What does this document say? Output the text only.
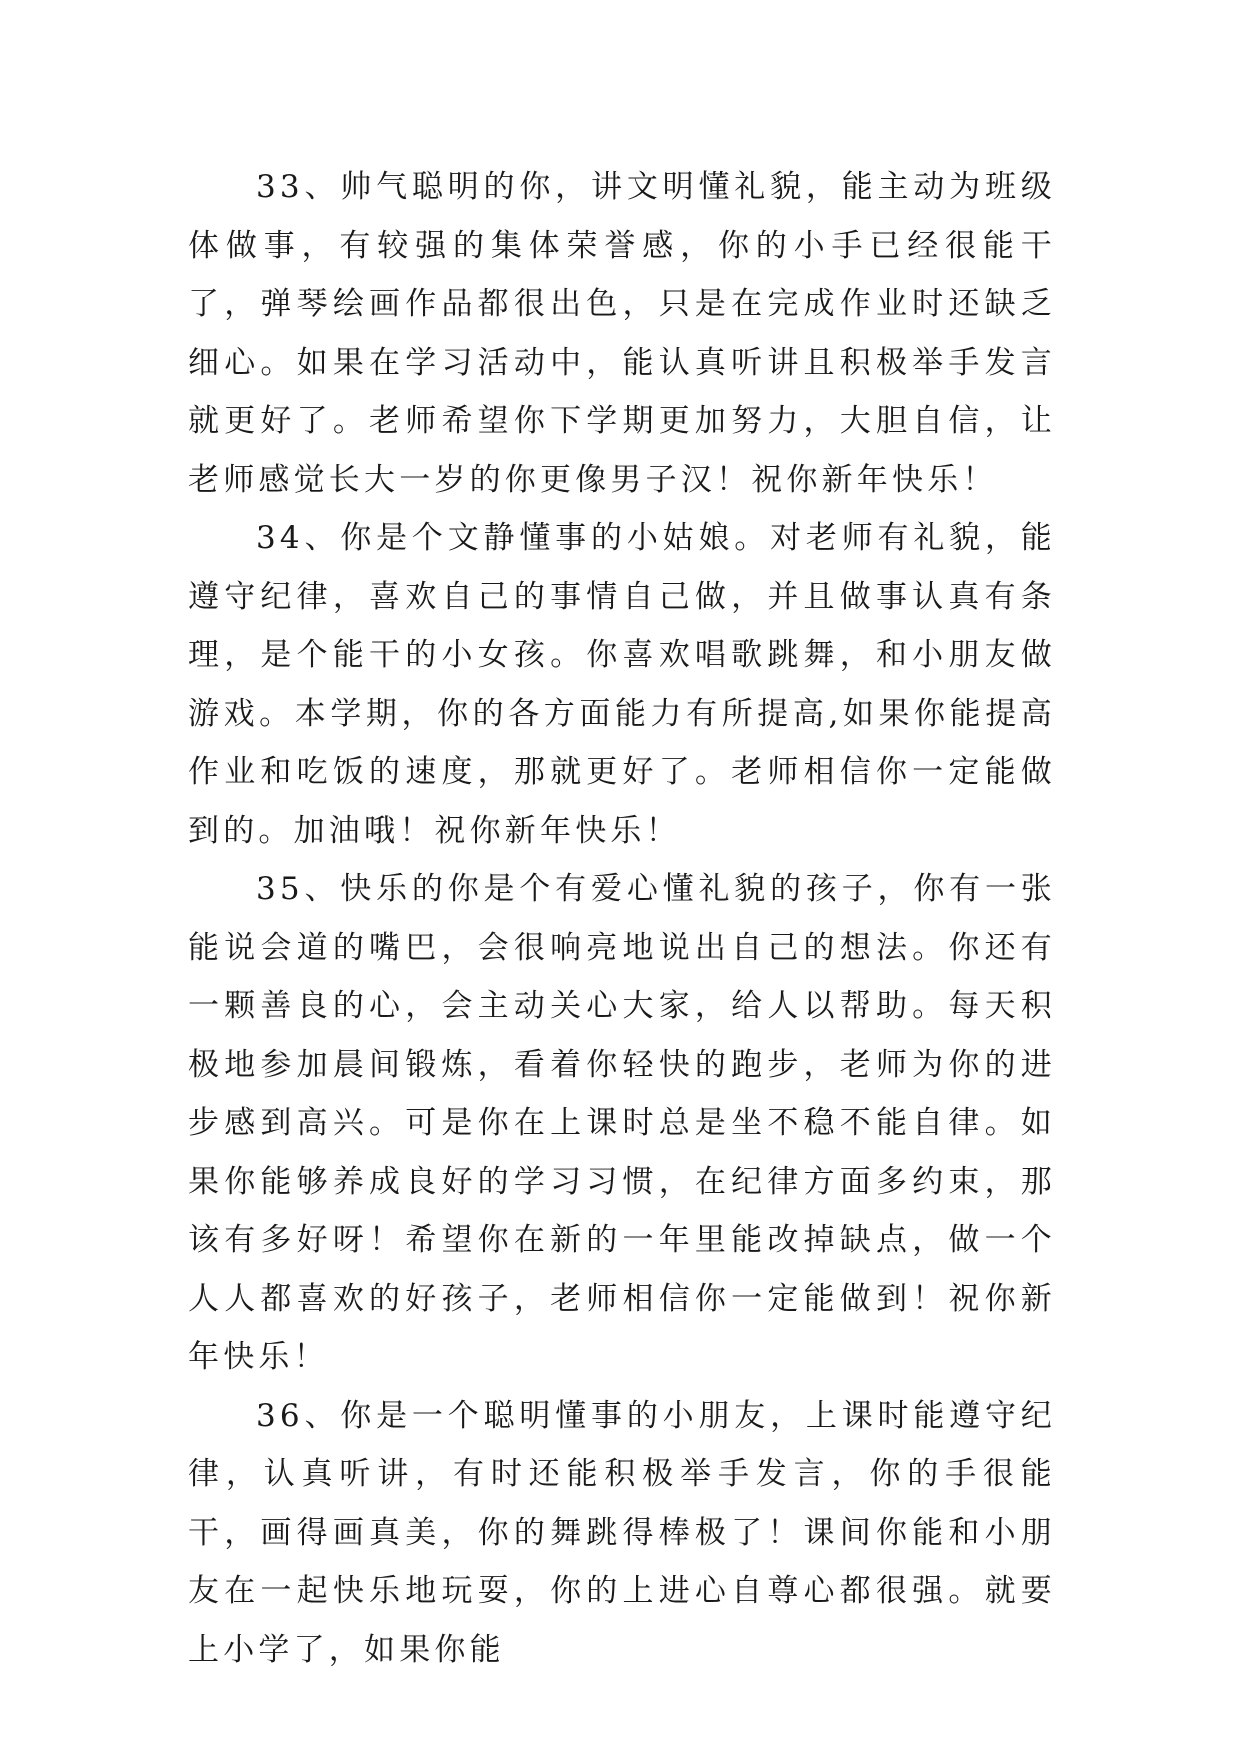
33、帅气聪明的你，讲文明懂礼貌，能主动为班级体做事，有较强的集体荣誉感，你的小手已经很能干了，弹琴绘画作品都很出色，只是在完成作业时还缺乏细心。如果在学习活动中，能认真听讲且积极举手发言就更好了。老师希望你下学期更加努力，大胆自信，让老师感觉长大一岁的你更像男子汉！祝你新年快乐！

34、你是个文静懂事的小姑娘。对老师有礼貌，能遵守纪律，喜欢自己的事情自己做，并且做事认真有条理，是个能干的小女孩。你喜欢唱歌跳舞，和小朋友做游戏。本学期，你的各方面能力有所提高,如果你能提高作业和吃饭的速度，那就更好了。老师相信你一定能做到的。加油哦！祝你新年快乐！

35、快乐的你是个有爱心懂礼貌的孩子，你有一张能说会道的嘴巴，会很响亮地说出自己的想法。你还有一颗善良的心，会主动关心大家，给人以帮助。每天积极地参加晨间锻炼，看着你轻快的跑步，老师为你的进步感到高兴。可是你在上课时总是坐不稳不能自律。如果你能够养成良好的学习习惯，在纪律方面多约束，那该有多好呀！希望你在新的一年里能改掉缺点，做一个人人都喜欢的好孩子，老师相信你一定能做到！祝你新年快乐！

36、你是一个聪明懂事的小朋友，上课时能遵守纪律，认真听讲，有时还能积极举手发言，你的手很能干，画得画真美，你的舞跳得棒极了！课间你能和小朋友在一起快乐地玩耍，你的上进心自尊心都很强。就要上小学了，如果你能
